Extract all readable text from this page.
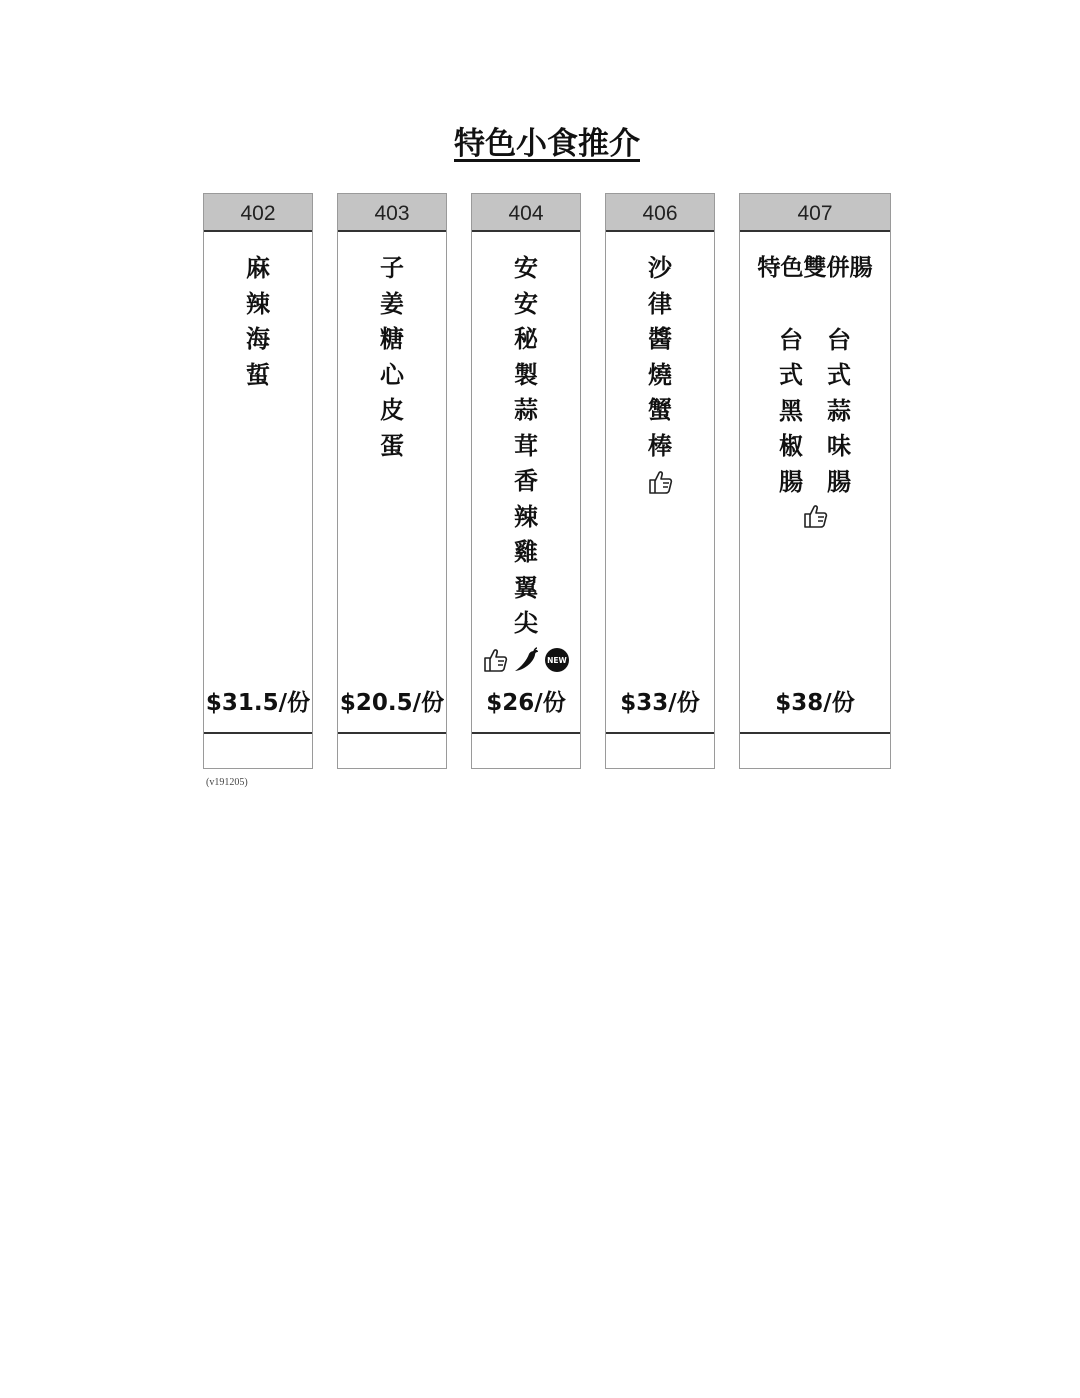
特色小食推介
402
麻
辣
海
蜇
$31.5/份
403
子
姜
糖
心
皮
蛋
$20.5/份
404
安
安
秘
製
蒜
茸
香
辣
雞
翼
尖
NEW
$26/份
406
沙
律
醬
燒
蟹
棒
$33/份
407
特色雙併腸
台
式
黑
椒
腸
台
式
蒜
味
腸
$38/份
(v191205)
